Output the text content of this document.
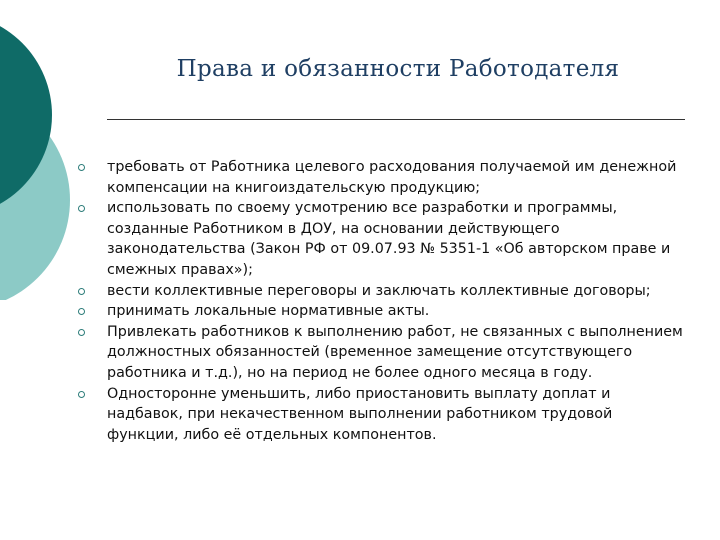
Права и обязанности Работодателя
требовать от Работника целевого расходования получаемой им денежной компенсации на книгоиздательскую продукцию;
использовать по своему усмотрению все разработки и программы, созданные Работником в ДОУ, на основании действующего законодательства (Закон РФ от 09.07.93 № 5351-1 «Об авторском праве и смежных правах»);
вести коллективные переговоры и заключать коллективные договоры;
принимать локальные нормативные акты.
Привлекать работников к выполнению работ, не связанных с выполнением должностных обязанностей (временное замещение отсутствующего работника и т.д.), но на период не более одного месяца в году.
Односторонне уменьшить, либо приостановить выплату доплат и надбавок, при некачественном выполнении работником трудовой функции, либо её отдельных компонентов.
